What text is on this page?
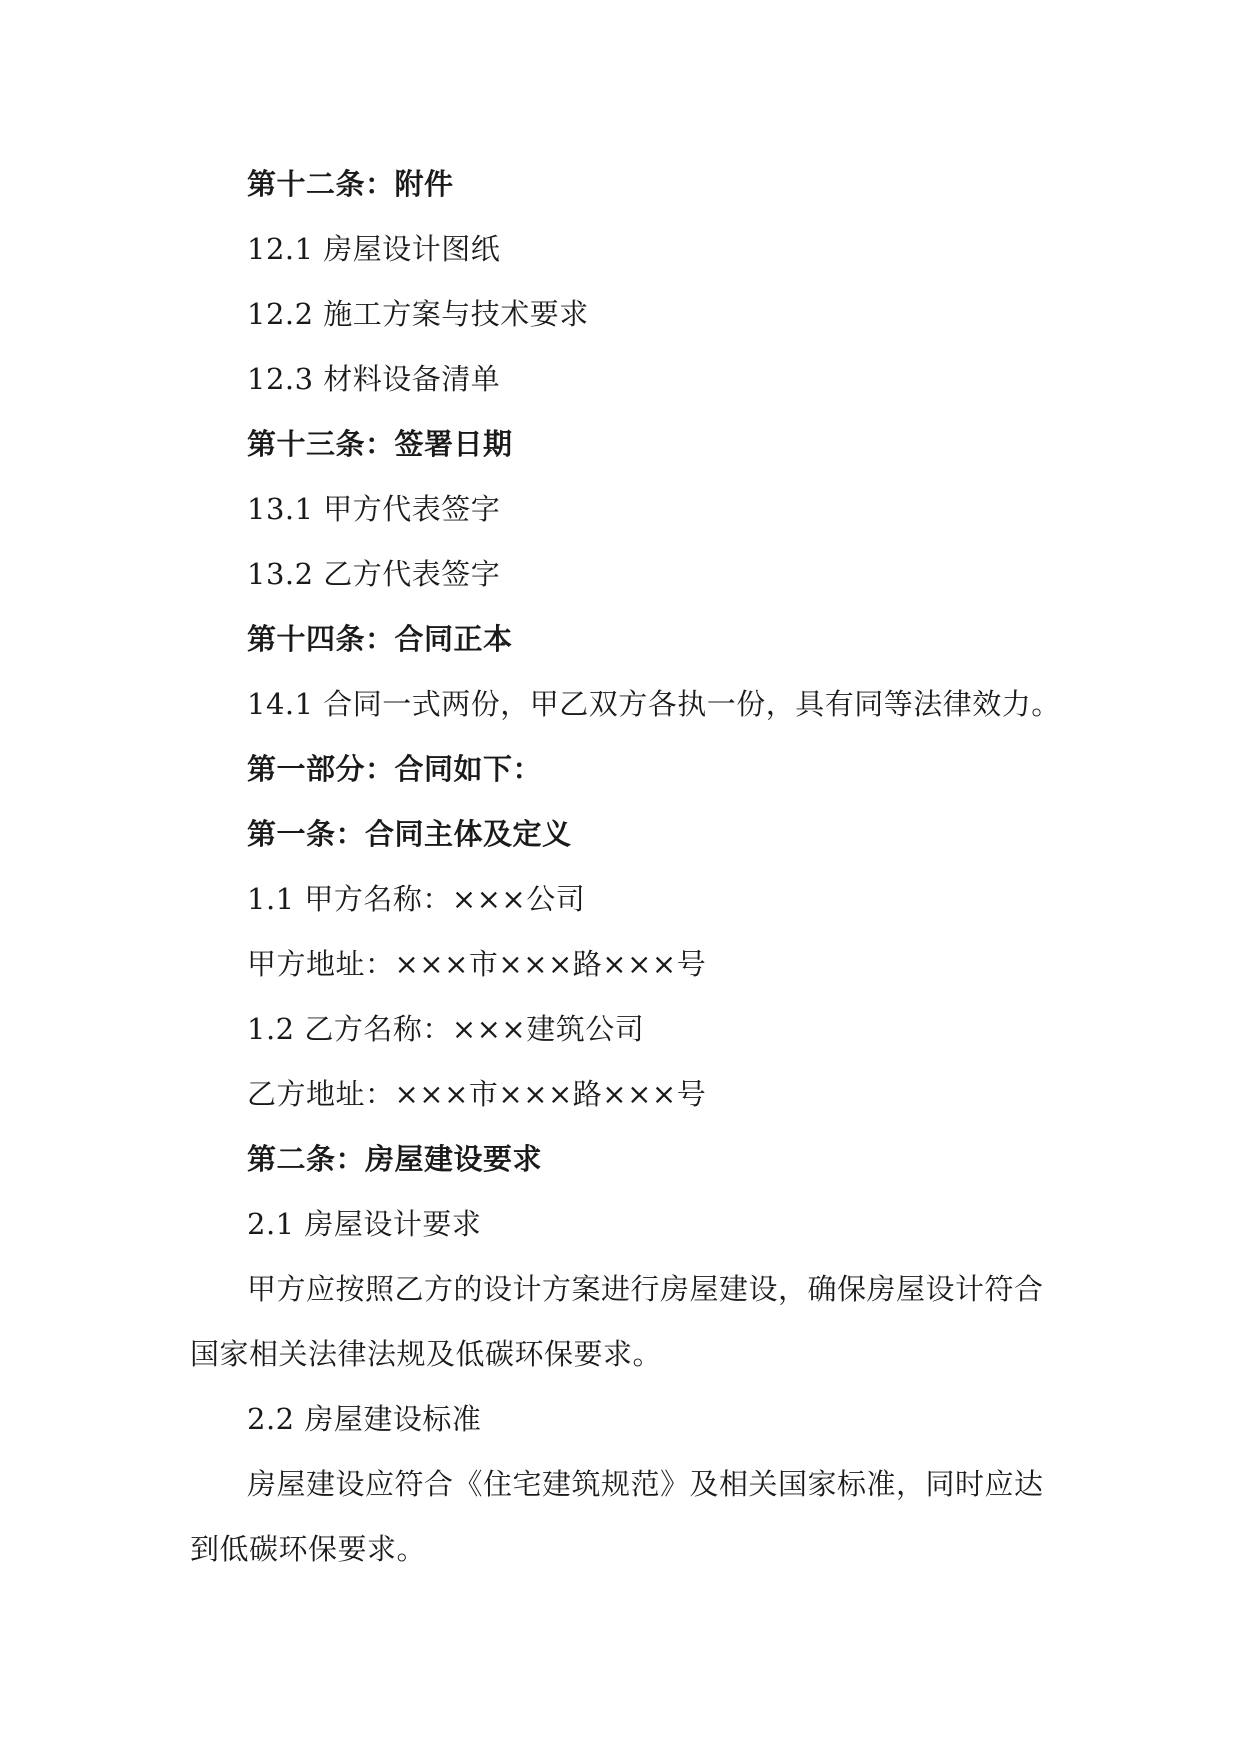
第十二条：附件
12.1 房屋设计图纸
12.2 施工方案与技术要求
12.3 材料设备清单
第十三条：签署日期
13.1 甲方代表签字
13.2 乙方代表签字
第十四条：合同正本
14.1 合同一式两份，甲乙双方各执一份，具有同等法律效力。
第一部分：合同如下：
第一条：合同主体及定义
1.1 甲方名称：×××公司
甲方地址：×××市×××路×××号
1.2 乙方名称：×××建筑公司
乙方地址：×××市×××路×××号
第二条：房屋建设要求
2.1 房屋设计要求
甲方应按照乙方的设计方案进行房屋建设，确保房屋设计符合
国家相关法律法规及低碳环保要求。
2.2 房屋建设标准
房屋建设应符合《住宅建筑规范》及相关国家标准，同时应达
到低碳环保要求。
